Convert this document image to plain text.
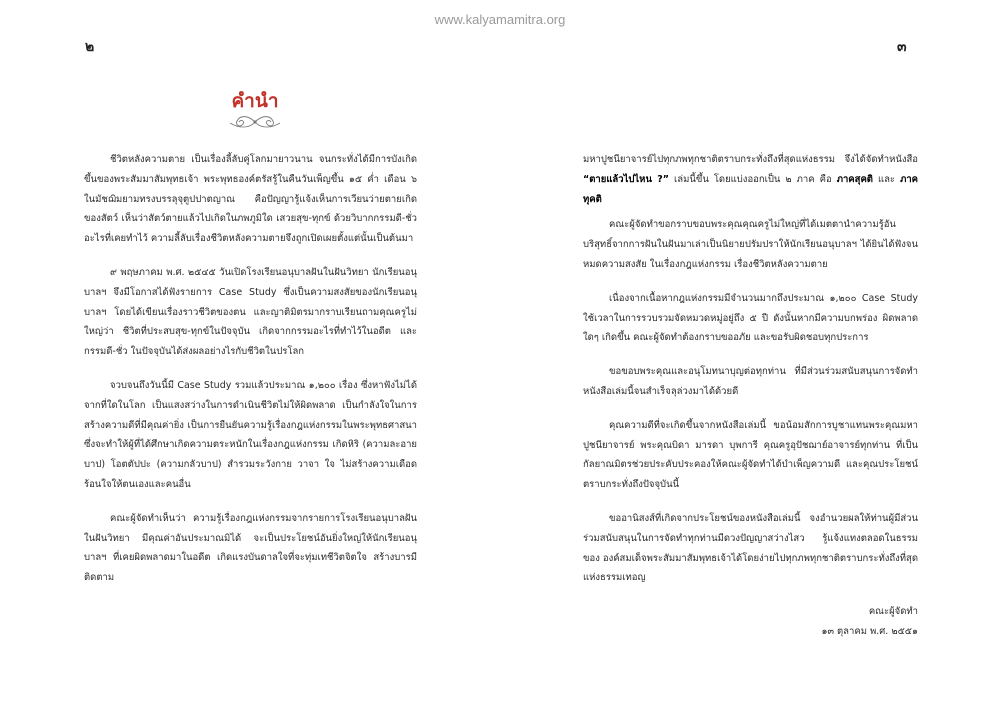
www.kalyamamitra.org
๒	๓
คำนำ

ชีวิตหลังความตาย เป็นเรื่องลี้ลับคู่โลกมายาวนาน จนกระทั่งได้มีการบังเกิดขึ้นของพระสัมมาสัมพุทธเจ้า พระพุทธองค์ตรัสรู้ในคืนวันเพ็ญขึ้น ๑๕ ค่ำ เดือน ๖ ในมัชฌิมยามทรงบรรลุจุตูปปาตญาณ คือปัญญารู้แจ้งเห็นการเวียนว่ายตายเกิดของสัตว์ เห็นว่าสัตว์ตายแล้วไปเกิดในภพภูมิใด เสวยสุข-ทุกข์ ด้วยวิบากกรรมดี-ชั่วอะไรที่เคยทำไว้ ความลี้ลับเรื่องชีวิตหลังความตายจึงถูกเปิดเผยตั้งแต่นั้นเป็นต้นมา

๙ พฤษภาคม พ.ศ. ๒๕๔๕ วันเปิดโรงเรียนอนุบาลฝันในฝันวิทยา นักเรียนอนุบาลฯ จึงมีโอกาสได้ฟังรายการ Case Study ซึ่งเป็นความสงสัยของนักเรียนอนุบาลฯ โดยได้เขียนเรื่องราวชีวิตของตน และญาติมิตรมากราบเรียนถามคุณครูไม่ใหญ่ว่า ชีวิตที่ประสบสุข-ทุกข์ในปัจจุบัน เกิดจากกรรมอะไรที่ทำไว้ในอดีต และกรรมดี-ชั่ว ในปัจจุบันได้ส่งผลอย่างไรกับชีวิตในปรโลก

จวบจนถึงวันนี้มี Case Study รวมแล้วประมาณ ๑,๒๐๐ เรื่อง ซึ่งหาฟังไม่ได้จากที่ใดในโลก เป็นแสงสว่างในการดำเนินชีวิตไม่ให้ผิดพลาด เป็นกำลังใจในการสร้างความดีที่มีคุณค่ายิ่ง เป็นการยืนยันความรู้เรื่องกฎแห่งกรรมในพระพุทธศาสนา ซึ่งจะทำให้ผู้ที่ได้ศึกษาเกิดความตระหนักในเรื่องกฎแห่งกรรม เกิดหิริ (ความละอายบาป) โอตตัปปะ (ความกลัวบาป) สำรวมระวังกาย วาจา ใจ ไม่สร้างความเดือดร้อนใจให้ตนเองและคนอื่น

คณะผู้จัดทำเห็นว่า ความรู้เรื่องกฎแห่งกรรมจากรายการโรงเรียนอนุบาลฝันในฝันวิทยา มีคุณค่าอันประมาณมิได้ จะเป็นประโยชน์อันยิ่งใหญ่ให้นักเรียนอนุบาลฯ ที่เคยผิดพลาดมาในอดีต เกิดแรงบันดาลใจที่จะทุ่มเทชีวิตจิตใจ สร้างบารมีติดตาม

มหาปูชนียาจารย์ไปทุกภพทุกชาติตราบกระทั่งถึงที่สุดแห่งธรรม จึงได้จัดทำหนังสือ “ตายแล้วไปไหน ?” เล่มนี้ขึ้น โดยแบ่งออกเป็น ๒ ภาค คือ ภาคสุคติ และ ภาคทุคติ

คณะผู้จัดทำขอกราบขอบพระคุณคุณครูไม่ใหญ่ที่ได้เมตตานำความรู้อันบริสุทธิ์จากการฝันในฝันมาเล่าเป็นนิยายปรัมปราให้นักเรียนอนุบาลฯ ได้ยินได้ฟังจนหมดความสงสัย ในเรื่องกฎแห่งกรรม เรื่องชีวิตหลังความตาย

เนื่องจากเนื้อหากฎแห่งกรรมมีจำนวนมากถึงประมาณ ๑,๒๐๐ Case Study ใช้เวลาในการรวบรวมจัดหมวดหมู่อยู่ถึง ๕ ปี ดังนั้นหากมีความบกพร่อง ผิดพลาดใดๆ เกิดขึ้น คณะผู้จัดทำต้องกราบขออภัย และขอรับผิดชอบทุกประการ

ขอขอบพระคุณและอนุโมทนาบุญต่อทุกท่าน ที่มีส่วนร่วมสนับสนุนการจัดทำหนังสือเล่มนี้จนสำเร็จลุล่วงมาได้ด้วยดี

คุณความดีที่จะเกิดขึ้นจากหนังสือเล่มนี้ ขอน้อมสักการบูชาแทนพระคุณมหาปูชนียาจารย์ พระคุณบิดา มารดา บุพการี คุณครูอุปัชฌาย์อาจารย์ทุกท่าน ที่เป็นกัลยาณมิตรช่วยประคับประคองให้คณะผู้จัดทำได้บำเพ็ญความดี และคุณประโยชน์ตราบกระทั่งถึงปัจจุบันนี้

ขออานิสงส์ที่เกิดจากประโยชน์ของหนังสือเล่มนี้ จงอำนวยผลให้ท่านผู้มีส่วนร่วมสนับสนุนในการจัดทำทุกท่านมีดวงปัญญาสว่างไสว รู้แจ้งแทงตลอดในธรรมของ องค์สมเด็จพระสัมมาสัมพุทธเจ้าได้โดยง่ายไปทุกภพทุกชาติตราบกระทั่งถึงที่สุดแห่งธรรมเทอญ

คณะผู้จัดทำ
๑๓ ตุลาคม พ.ศ. ๒๕๕๑
